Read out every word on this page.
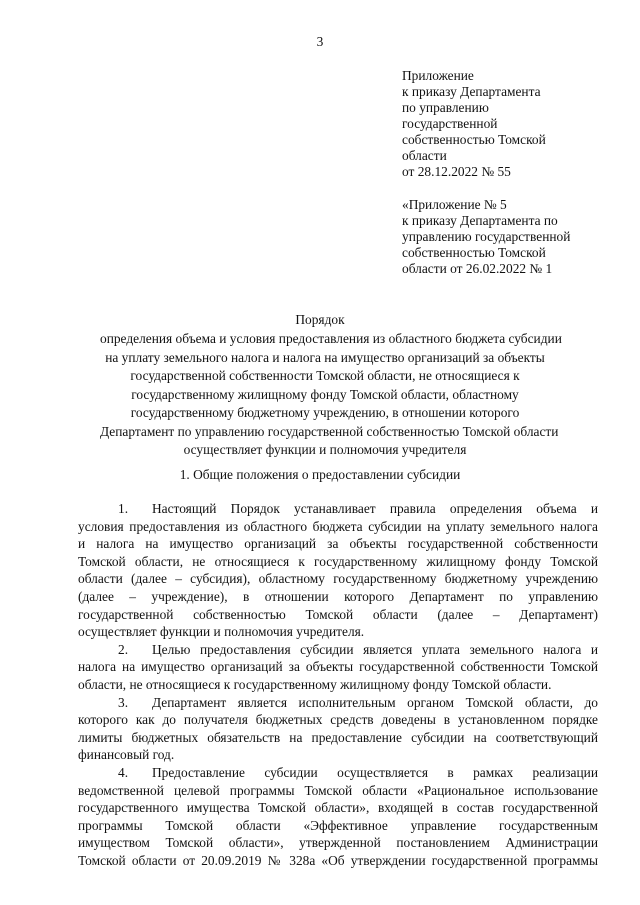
3
Приложение
к приказу Департамента
по управлению
государственной
собственностью Томской
области
от 28.12.2022 № 55
«Приложение № 5
к приказу Департамента по
управлению государственной
собственностью Томской
области от 26.02.2022 № 1
Порядок
определения объема и условия предоставления из областного бюджета субсидии
на уплату земельного налога и налога на имущество организаций за объекты
государственной собственности Томской области, не относящиеся к
государственному жилищному фонду Томской области, областному
государственному бюджетному учреждению, в отношении которого
Департамент по управлению государственной собственностью Томской области
осуществляет функции и полномочия учредителя
1. Общие положения о предоставлении субсидии
1. Настоящий Порядок устанавливает правила определения объема и
условия предоставления из областного бюджета субсидии на уплату земельного налога
и налога на имущество организаций за объекты государственной собственности
Томской области, не относящиеся к государственному жилищному фонду Томской
области (далее – субсидия), областному государственному бюджетному учреждению
(далее – учреждение), в отношении которого Департамент по управлению
государственной собственностью Томской области (далее – Департамент)
осуществляет функции и полномочия учредителя.
2. Целью предоставления субсидии является уплата земельного налога и
налога на имущество организаций за объекты государственной собственности Томской
области, не относящиеся к государственному жилищному фонду Томской области.
3. Департамент является исполнительным органом Томской области, до
которого как до получателя бюджетных средств доведены в установленном порядке
лимиты бюджетных обязательств на предоставление субсидии на соответствующий
финансовый год.
4. Предоставление субсидии осуществляется в рамках реализации
ведомственной целевой программы Томской области «Рациональное использование
государственного имущества Томской области», входящей в состав государственной
программы Томской области «Эффективное управление государственным
имуществом Томской области», утвержденной постановлением Администрации
Томской области от 20.09.2019 № 328а «Об утверждении государственной программы
